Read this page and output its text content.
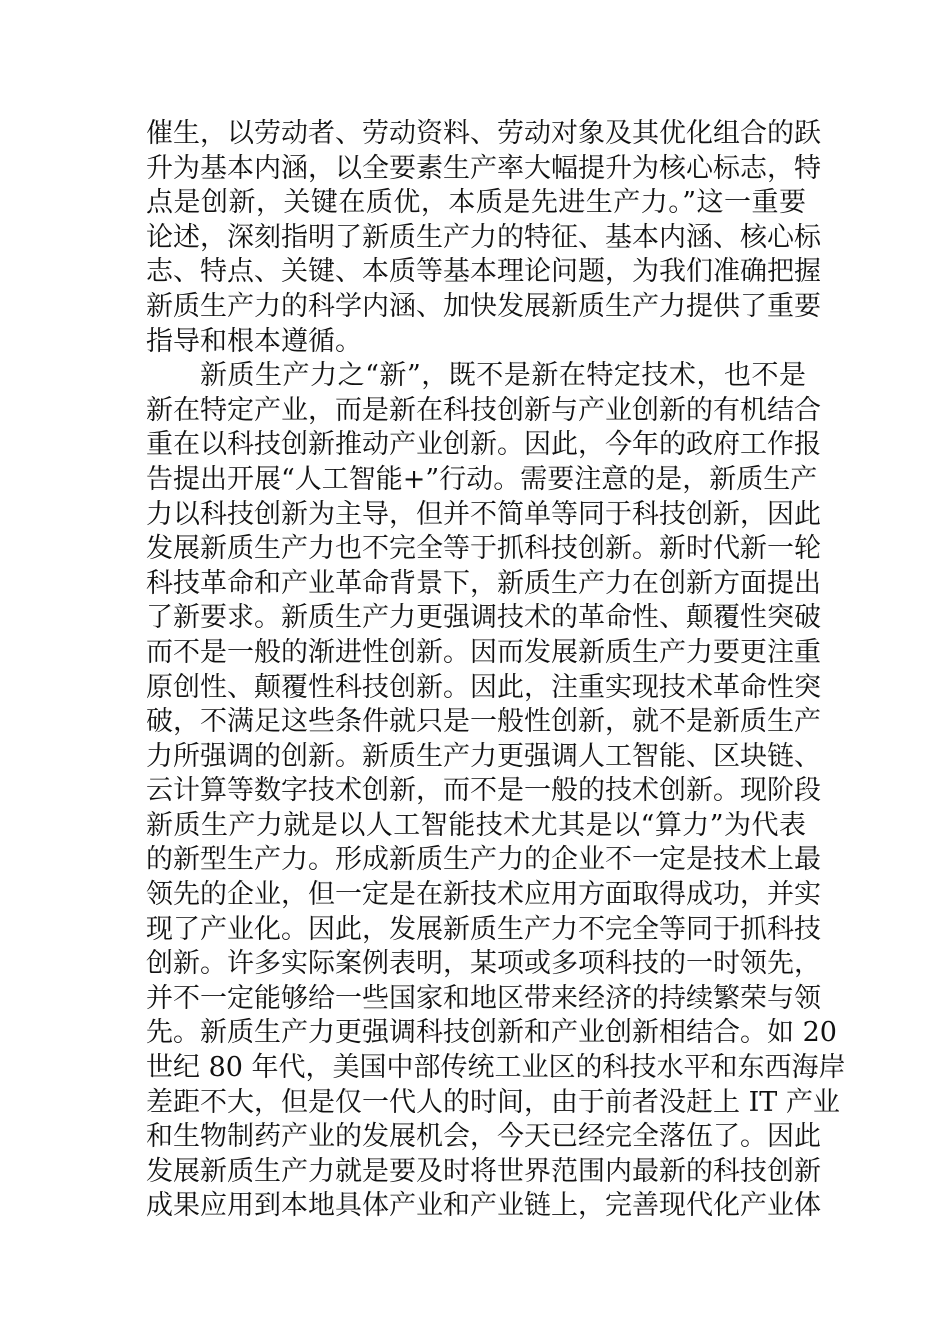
催生，以劳动者、劳动资料、劳动对象及其优化组合的跃
升为基本内涵，以全要素生产率大幅提升为核心标志，特
点是创新，关键在质优，本质是先进生产力。”这一重要
论述，深刻指明了新质生产力的特征、基本内涵、核心标
志、特点、关键、本质等基本理论问题，为我们准确把握
新质生产力的科学内涵、加快发展新质生产力提供了重要
指导和根本遵循。
新质生产力之“新”，既不是新在特定技术，也不是
新在特定产业，而是新在科技创新与产业创新的有机结合
重在以科技创新推动产业创新。因此，今年的政府工作报
告提出开展“人工智能+”行动。需要注意的是，新质生产
力以科技创新为主导，但并不简单等同于科技创新，因此
发展新质生产力也不完全等于抓科技创新。新时代新一轮
科技革命和产业革命背景下，新质生产力在创新方面提出
了新要求。新质生产力更强调技术的革命性、颠覆性突破
而不是一般的渐进性创新。因而发展新质生产力要更注重
原创性、颠覆性科技创新。因此，注重实现技术革命性突
破，不满足这些条件就只是一般性创新，就不是新质生产
力所强调的创新。新质生产力更强调人工智能、区块链、
云计算等数字技术创新，而不是一般的技术创新。现阶段
新质生产力就是以人工智能技术尤其是以“算力”为代表
的新型生产力。形成新质生产力的企业不一定是技术上最
领先的企业，但一定是在新技术应用方面取得成功，并实
现了产业化。因此，发展新质生产力不完全等同于抓科技
创新。许多实际案例表明，某项或多项科技的一时领先，
并不一定能够给一些国家和地区带来经济的持续繁荣与领
先。新质生产力更强调科技创新和产业创新相结合。如 20
世纪 80 年代，美国中部传统工业区的科技水平和东西海岸
差距不大，但是仅一代人的时间，由于前者没赶上 IT 产业
和生物制药产业的发展机会，今天已经完全落伍了。因此
发展新质生产力就是要及时将世界范围内最新的科技创新
成果应用到本地具体产业和产业链上，完善现代化产业体
